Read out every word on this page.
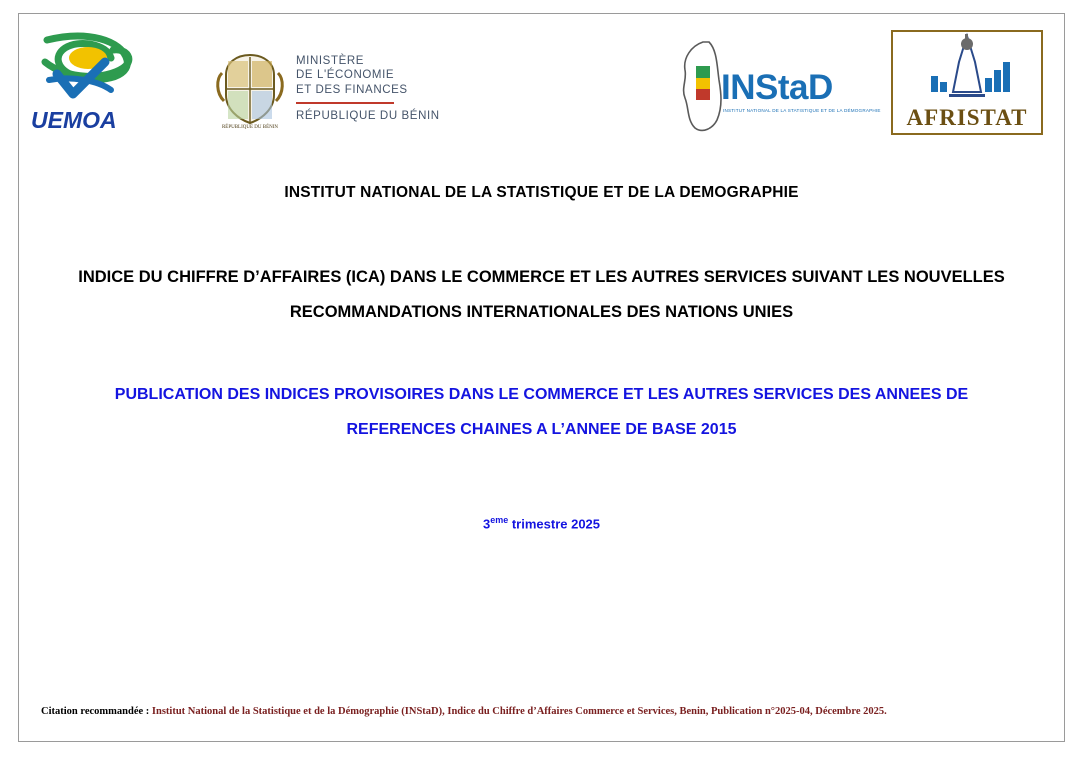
UEMOA	RÉPUBLIQUE DU BÉNIN
MINISTÈRE
DE L'ÉCONOMIE
ET DES FINANCES
RÉPUBLIQUE DU BÉNIN
INStaD
INSTITUT NATIONAL DE LA STATISTIQUE ET DE LA DÉMOGRAPHIE	AFRISTAT
INSTITUT NATIONAL DE LA STATISTIQUE ET DE LA DEMOGRAPHIE
INDICE DU CHIFFRE D’AFFAIRES (ICA) DANS LE COMMERCE ET LES AUTRES SERVICES SUIVANT LES NOUVELLES
RECOMMANDATIONS INTERNATIONALES DES NATIONS UNIES
PUBLICATION DES INDICES PROVISOIRES DANS LE COMMERCE ET LES AUTRES SERVICES DES ANNEES DE
REFERENCES CHAINES A L’ANNEE DE BASE 2015
3eme trimestre 2025
Citation recommandée : Institut National de la Statistique et de la Démographie (INStaD), Indice du Chiffre d’Affaires Commerce et Services, Benin, Publication n°2025-04, Décembre 2025.
